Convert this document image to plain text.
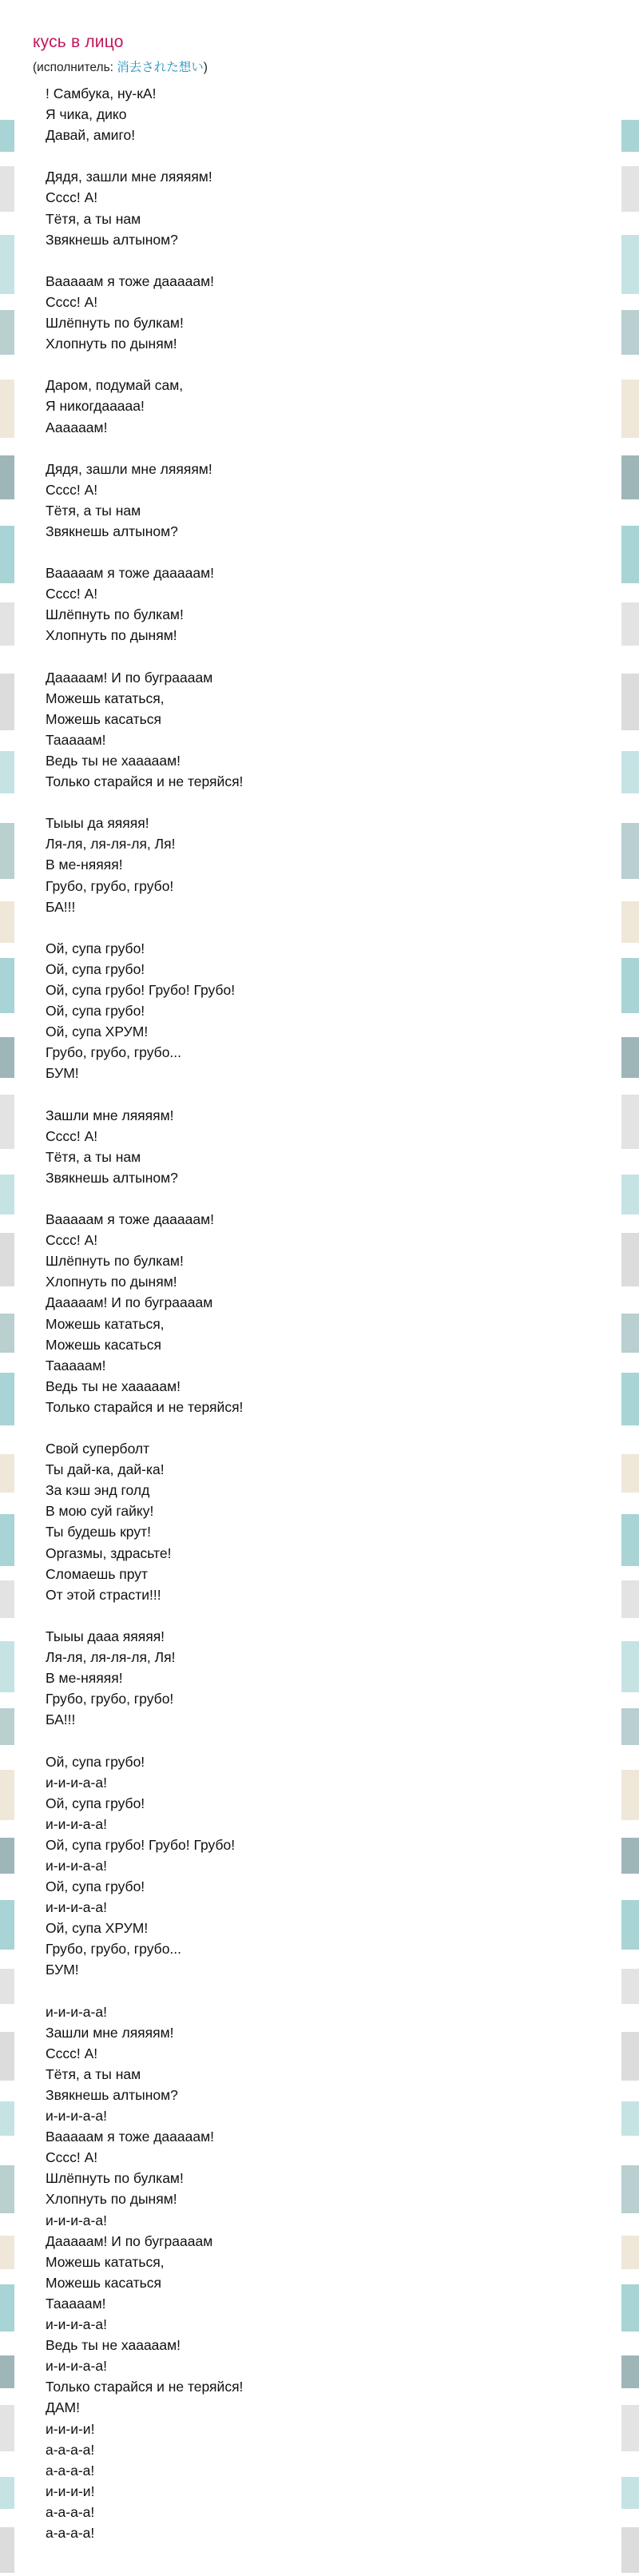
кусь в лицо
(исполнитель: 消去された想い)
! Самбука, ну-кА!
Я чика, дико
Давай, амиго!

Дядя, зашли мне ляяяям!
Сссс! А!
Тётя, а ты нам
Звякнешь алтыном?

Вааааам я тоже дааааам!
Сссс! А!
Шлёпнуть по булкам!
Хлопнуть по дыням!

Даром, подумай сам,
Я никогдааааа!
Аааааам!

Дядя, зашли мне ляяяям!
Сссс! А!
Тётя, а ты нам
Звякнешь алтыном?

Вааааам я тоже дааааам!
Сссс! А!
Шлёпнуть по булкам!
Хлопнуть по дыням!

Дааааам! И по буграааам
Можешь кататься,
Можешь касаться
Тааааам!
Ведь ты не хааааам!
Только старайся и не теряйся!

Тыыы да яяяяя!
Ля-ля, ля-ля-ля, Ля!
В ме-няяяя!
Грубо, грубо, грубо!
БА!!!

Ой, супа грубо!
Ой, супа грубо!
Ой, супа грубо! Грубо! Грубо!
Ой, супа грубо!
Ой, супа ХРУМ!
Грубо, грубо, грубо...
БУМ!

Зашли мне ляяяям!
Сссс! А!
Тётя, а ты нам
Звякнешь алтыном?

Вааааам я тоже дааааам!
Сссс! А!
Шлёпнуть по булкам!
Хлопнуть по дыням!
Дааааам! И по буграааам
Можешь кататься,
Можешь касаться
Тааааам!
Ведь ты не хааааам!
Только старайся и не теряйся!

Свой суперболт
Ты дай-ка, дай-ка!
За кэш энд голд
В мою суй гайку!
Ты будешь крут!
Оргазмы, здрасьте!
Сломаешь прут
От этой страсти!!!

Тыыы дааа яяяяя!
Ля-ля, ля-ля-ля, Ля!
В ме-няяяя!
Грубо, грубо, грубо!
БА!!!

Ой, супа грубо!
и-и-и-а-а!
Ой, супа грубо!
и-и-и-а-а!
Ой, супа грубо! Грубо! Грубо!
и-и-и-а-а!
Ой, супа грубо!
и-и-и-а-а!
Ой, супа ХРУМ!
Грубо, грубо, грубо...
БУМ!

и-и-и-а-а!
Зашли мне ляяяям!
Сссс! А!
Тётя, а ты нам
Звякнешь алтыном?
и-и-и-а-а!
Вааааам я тоже дааааам!
Сссс! А!
Шлёпнуть по булкам!
Хлопнуть по дыням!
и-и-и-а-а!
Дааааам! И по буграааам
Можешь кататься,
Можешь касаться
Тааааам!
и-и-и-а-а!
Ведь ты не хааааам!
и-и-и-а-а!
Только старайся и не теряйся!
ДАМ!
и-и-и-и!
а-а-а-а!
а-а-а-а!
и-и-и-и!
а-а-а-а!
а-а-а-а!
